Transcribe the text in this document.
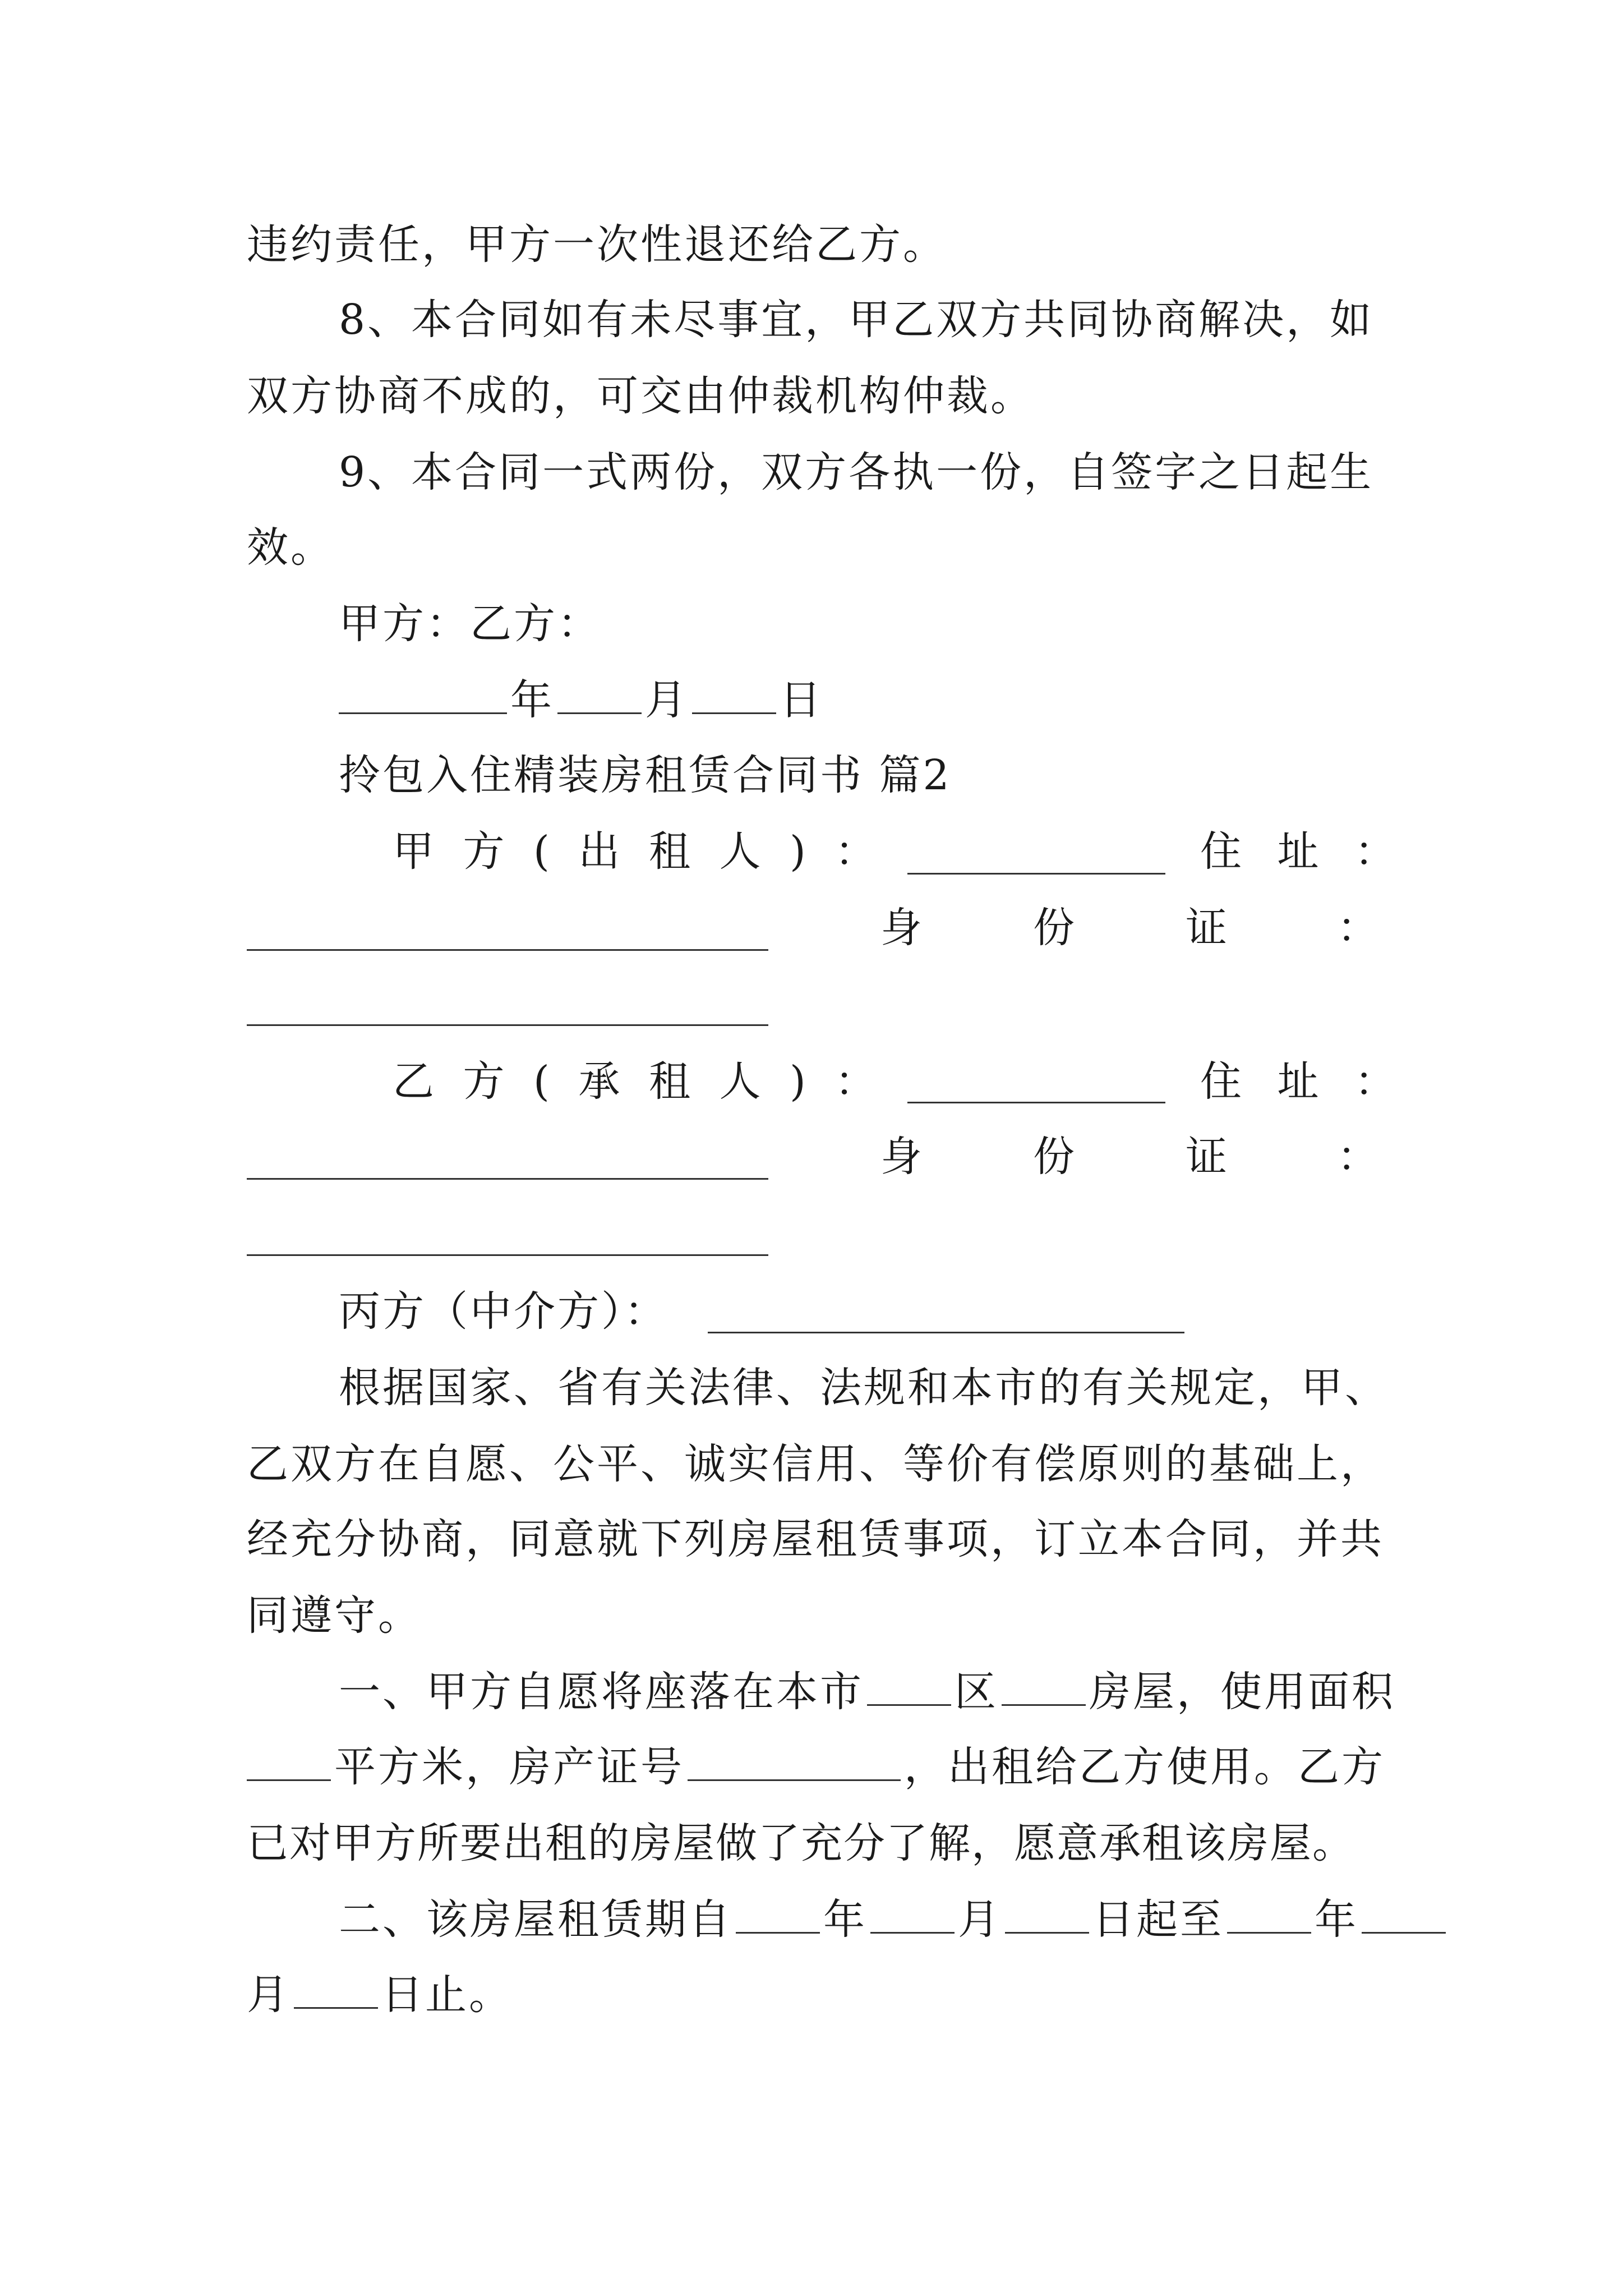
违约责任，甲方一次性退还给乙方。
8、本合同如有未尽事宜，甲乙双方共同协商解决，如
双方协商不成的，可交由仲裁机构仲裁。
9、本合同一式两份，双方各执一份，自签字之日起生
效。
甲方：乙方：
年 月 日
拎包入住精装房租赁合同书 篇2
甲 方 ( 出 租 人 ) ：	住 址 ：
身	份	证	：
乙 方 ( 承 租 人 ) ：	住 址 ：
身	份	证	：
丙方（中介方）：
根据国家、省有关法律、法规和本市的有关规定，甲、
乙双方在自愿、公平、诚实信用、等价有偿原则的基础上，
经充分协商，同意就下列房屋租赁事项，订立本合同，并共
同遵守。
一、甲方自愿将座落在本市 区 房屋，使用面积
平方米，房产证号	，出租给乙方使用。乙方
已对甲方所要出租的房屋做了充分了解，愿意承租该房屋。
二、该房屋租赁期自 年 月 日起至 年
月 日止。
